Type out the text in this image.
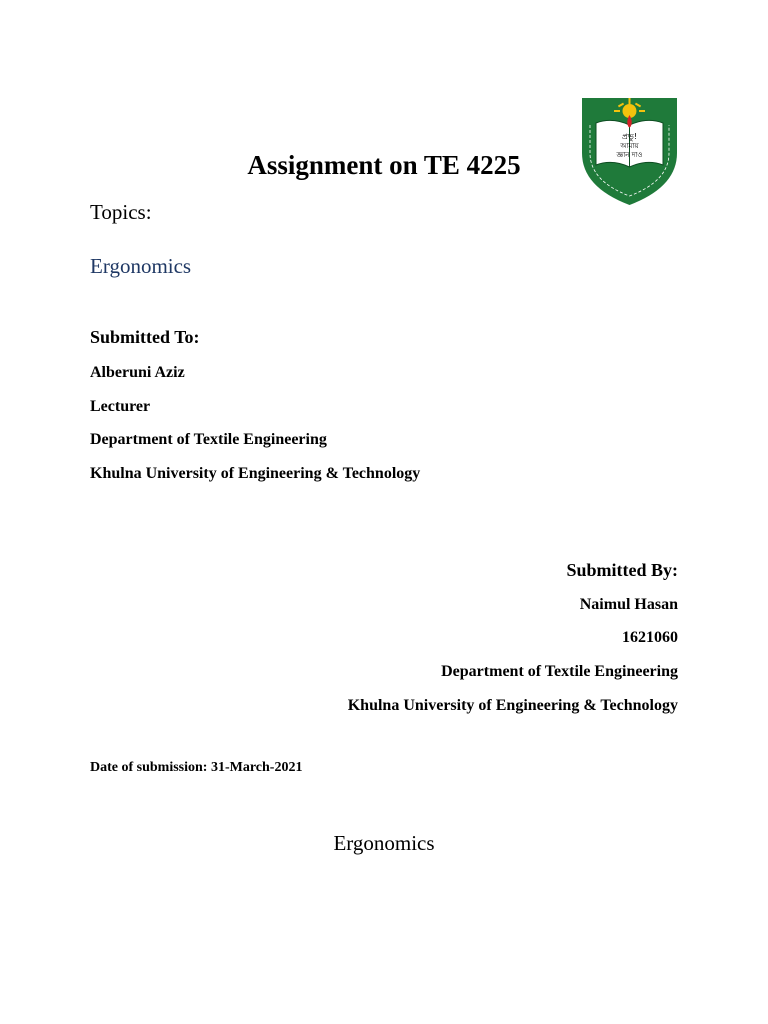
প্রভু!
আমায়
জ্ঞান দাও
Assignment on TE 4225
Topics:
Ergonomics
Submitted To:
Alberuni Aziz
Lecturer
Department of Textile Engineering
Khulna University of Engineering & Technology
Submitted By:
Naimul Hasan
1621060
Department of Textile Engineering
Khulna University of Engineering & Technology
Date of submission: 31-March-2021
Ergonomics
